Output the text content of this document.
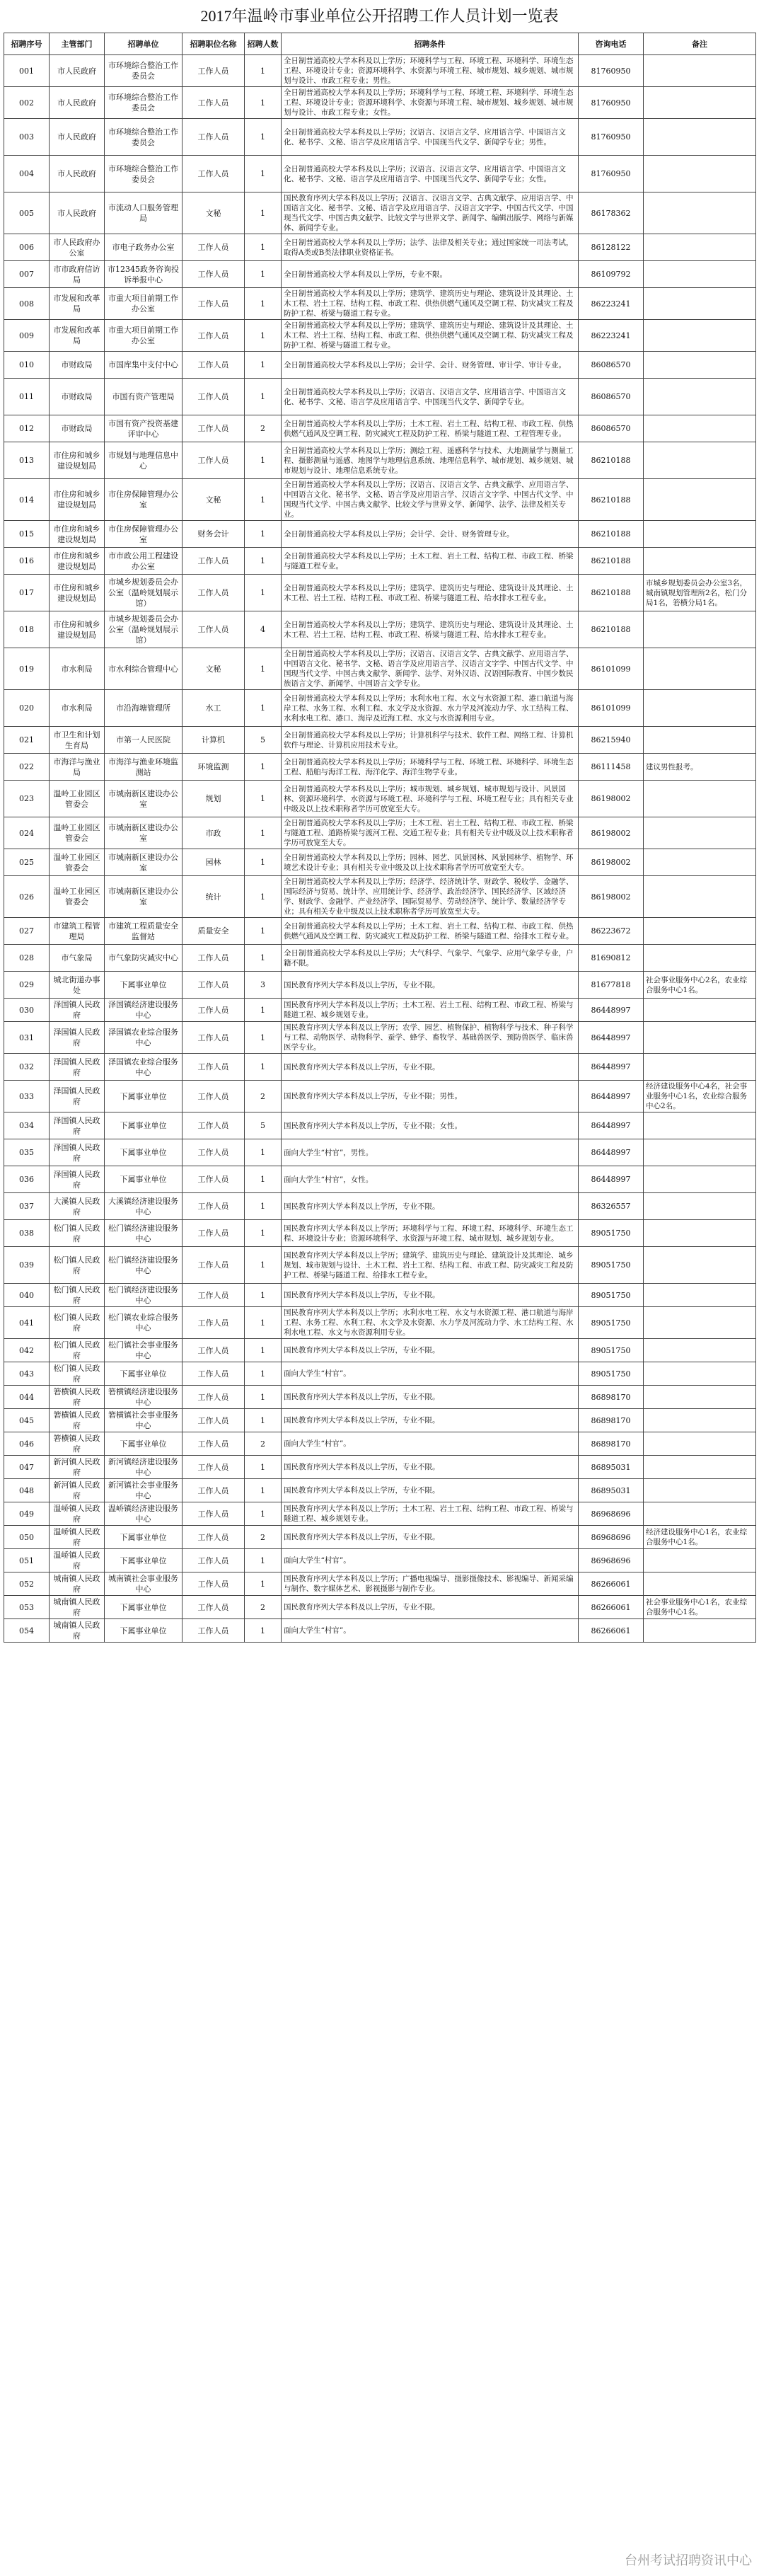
2017年温岭市事业单位公开招聘工作人员计划一览表
招聘序号	主管部门	招聘单位	招聘职位名称	招聘人数	招聘条件	咨询电话	备注
001	市人民政府	市环境综合整治工作委员会	工作人员	1	全日制普通高校大学本科及以上学历；环境科学与工程、环境工程、环境科学、环境生态工程、环境设计专业；资源环境科学、水资源与环境工程、城市规划、城乡规划、城市规划与设计、市政工程专业；男性。	81760950	
002	市人民政府	市环境综合整治工作委员会	工作人员	1	全日制普通高校大学本科及以上学历；环境科学与工程、环境工程、环境科学、环境生态工程、环境设计专业；资源环境科学、水资源与环境工程、城市规划、城乡规划、城市规划与设计、市政工程专业；女性。	81760950	
003	市人民政府	市环境综合整治工作委员会	工作人员	1	全日制普通高校大学本科及以上学历；汉语言、汉语言文学、应用语言学、中国语言文化、秘书学、文秘、语言学及应用语言学、中国现当代文学、新闻学专业；男性。	81760950	
004	市人民政府	市环境综合整治工作委员会	工作人员	1	全日制普通高校大学本科及以上学历；汉语言、汉语言文学、应用语言学、中国语言文化、秘书学、文秘、语言学及应用语言学、中国现当代文学、新闻学专业；女性。	81760950	
005	市人民政府	市流动人口服务管理局	文秘	1	国民教育序列大学本科及以上学历；汉语言、汉语言文学、古典文献学、应用语言学、中国语言文化、秘书学、文秘、语言学及应用语言学、汉语言文字学、中国古代文学、中国现当代文学、中国古典文献学、比较文学与世界文学、新闻学、编辑出版学、网络与新媒体、新闻学专业。	86178362	
006	市人民政府办公室	市电子政务办公室	工作人员	1	全日制普通高校大学本科及以上学历；法学、法律及相关专业；通过国家统一司法考试，取得A类或B类法律职业资格证书。	86128122	
007	市市政府信访局	市12345政务咨询投诉举报中心	工作人员	1	全日制普通高校大学本科及以上学历，专业不限。	86109792	
008	市发展和改革局	市重大项目前期工作办公室	工作人员	1	全日制普通高校大学本科及以上学历；建筑学、建筑历史与理论、建筑设计及其理论、土木工程、岩土工程、结构工程、市政工程、供热供燃气通风及空调工程、防灾减灾工程及防护工程、桥梁与隧道工程专业。	86223241	
009	市发展和改革局	市重大项目前期工作办公室	工作人员	1	全日制普通高校大学本科及以上学历；建筑学、建筑历史与理论、建筑设计及其理论、土木工程、岩土工程、结构工程、市政工程、供热供燃气通风及空调工程、防灾减灾工程及防护工程、桥梁与隧道工程专业。	86223241	
010	市财政局	市国库集中支付中心	工作人员	1	全日制普通高校大学本科及以上学历；会计学、会计、财务管理、审计学、审计专业。	86086570	
011	市财政局	市国有资产管理局	工作人员	1	全日制普通高校大学本科及以上学历；汉语言、汉语言文学、应用语言学、中国语言文化、秘书学、文秘、语言学及应用语言学、中国现当代文学、新闻学专业。	86086570	
012	市财政局	市国有资产投资基建评审中心	工作人员	2	全日制普通高校大学本科及以上学历；土木工程、岩土工程、结构工程、市政工程、供热供燃气通风及空调工程、防灾减灾工程及防护工程、桥梁与隧道工程、工程管理专业。	86086570	
013	市住房和城乡建设规划局	市规划与地理信息中心	工作人员	1	全日制普通高校大学本科及以上学历；测绘工程、遥感科学与技术、大地测量学与测量工程、摄影测量与遥感、地图学与地理信息系统、地理信息科学、城市规划、城乡规划、城市规划与设计、地理信息系统专业。	86210188	
014	市住房和城乡建设规划局	市住房保障管理办公室	文秘	1	全日制普通高校大学本科及以上学历；汉语言、汉语言文学、古典文献学、应用语言学、中国语言文化、秘书学、文秘、语言学及应用语言学、汉语言文字学、中国古代文学、中国现当代文学、中国古典文献学、比较文学与世界文学、新闻学、法学、法律及相关专业。	86210188	
015	市住房和城乡建设规划局	市住房保障管理办公室	财务会计	1	全日制普通高校大学本科及以上学历；会计学、会计、财务管理专业。	86210188	
016	市住房和城乡建设规划局	市市政公用工程建设办公室	工作人员	1	全日制普通高校大学本科及以上学历；土木工程、岩土工程、结构工程、市政工程、桥梁与隧道工程专业。	86210188	
017	市住房和城乡建设规划局	市城乡规划委员会办公室（温岭规划展示馆）	工作人员	1	全日制普通高校大学本科及以上学历；建筑学、建筑历史与理论、建筑设计及其理论、土木工程、岩土工程、结构工程、市政工程、桥梁与隧道工程、给水排水工程专业。	86210188	市城乡规划委员会办公室3名，城南镇规划管理所2名，松门分局1名，箬横分局1名。
018	市住房和城乡建设规划局	市城乡规划委员会办公室（温岭规划展示馆）	工作人员	4	全日制普通高校大学本科及以上学历；建筑学、建筑历史与理论、建筑设计及其理论、土木工程、岩土工程、结构工程、市政工程、桥梁与隧道工程、给水排水工程专业。	86210188	
019	市水利局	市水利综合管理中心	文秘	1	全日制普通高校大学本科及以上学历；汉语言、汉语言文学、古典文献学、应用语言学、中国语言文化、秘书学、文秘、语言学及应用语言学、汉语言文字学、中国古代文学、中国现当代文学、中国古典文献学、新闻学、法学、对外汉语、汉语国际教育、中国少数民族语言文学、新闻学、中国语言文学专业。	86101099	
020	市水利局	市沿海塘管理所	水工	1	全日制普通高校大学本科及以上学历；水利水电工程、水文与水资源工程、港口航道与海岸工程、水务工程、水利工程、水文学及水资源、水力学及河流动力学、水工结构工程、水利水电工程、港口、海岸及近海工程、水文与水资源利用专业。	86101099	
021	市卫生和计划生育局	市第一人民医院	计算机	5	全日制普通高校大学本科及以上学历；计算机科学与技术、软件工程、网络工程、计算机软件与理论、计算机应用技术专业。	86215940	
022	市海洋与渔业局	市海洋与渔业环境监测站	环境监测	1	全日制普通高校大学本科及以上学历；环境科学与工程、环境工程、环境科学、环境生态工程、船舶与海洋工程、海洋化学、海洋生物学专业。	86111458	建议男性报考。
023	温岭工业园区管委会	市城南新区建设办公室	规划	1	全日制普通高校大学本科及以上学历；城市规划、城乡规划、城市规划与设计、风景园林、资源环境科学、水资源与环境工程、环境科学与工程、环境工程专业；具有相关专业中级及以上技术职称者学历可放宽至大专。	86198002	
024	温岭工业园区管委会	市城南新区建设办公室	市政	1	全日制普通高校大学本科及以上学历；土木工程、岩土工程、结构工程、市政工程、桥梁与隧道工程、道路桥梁与渡河工程、交通工程专业；具有相关专业中级及以上技术职称者学历可放宽至大专。	86198002	
025	温岭工业园区管委会	市城南新区建设办公室	园林	1	全日制普通高校大学本科及以上学历；园林、园艺、风景园林、风景园林学、植物学、环境艺术设计专业；具有相关专业中级及以上技术职称者学历可放宽至大专。	86198002	
026	温岭工业园区管委会	市城南新区建设办公室	统计	1	全日制普通高校大学本科及以上学历；经济学、经济统计学、财政学、税收学、金融学、国际经济与贸易、统计学、应用统计学、经济学、政治经济学、国民经济学、区域经济学、财政学、金融学、产业经济学、国际贸易学、劳动经济学、统计学、数量经济学专业；具有相关专业中级及以上技术职称者学历可放宽至大专。	86198002	
027	市建筑工程管理局	市建筑工程质量安全监督站	质量安全	1	全日制普通高校大学本科及以上学历；土木工程、岩土工程、结构工程、市政工程、供热供燃气通风及空调工程、防灾减灾工程及防护工程、桥梁与隧道工程、给排水工程专业。	86223672	
028	市气象局	市气象防灾减灾中心	工作人员	1	全日制普通高校大学本科及以上学历；大气科学、气象学、气象学、应用气象学专业，户籍不限。	81690812	
029	城北街道办事处	下属事业单位	工作人员	3	国民教育序列大学本科及以上学历，专业不限。	81677818	社会事业服务中心2名，农业综合服务中心1名。
030	泽国镇人民政府	泽国镇经济建设服务中心	工作人员	1	国民教育序列大学本科及以上学历；土木工程、岩土工程、结构工程、市政工程、桥梁与隧道工程、城乡规划专业。	86448997	
031	泽国镇人民政府	泽国镇农业综合服务中心	工作人员	1	国民教育序列大学本科及以上学历；农学、园艺、植物保护、植物科学与技术、种子科学与工程、动物医学、动物科学、蚕学、蜂学、畜牧学、基础兽医学、预防兽医学、临床兽医学专业。	86448997	
032	泽国镇人民政府	泽国镇农业综合服务中心	工作人员	1	国民教育序列大学本科及以上学历，专业不限。	86448997	
033	泽国镇人民政府	下属事业单位	工作人员	2	国民教育序列大学本科及以上学历，专业不限；男性。	86448997	经济建设服务中心4名，社会事业服务中心1名，农业综合服务中心2名。
034	泽国镇人民政府	下属事业单位	工作人员	5	国民教育序列大学本科及以上学历，专业不限；女性。	86448997	
035	泽国镇人民政府	下属事业单位	工作人员	1	面向大学生“村官”，男性。	86448997	
036	泽国镇人民政府	下属事业单位	工作人员	1	面向大学生“村官”，女性。	86448997	
037	大溪镇人民政府	大溪镇经济建设服务中心	工作人员	1	国民教育序列大学本科及以上学历，专业不限。	86326557	
038	松门镇人民政府	松门镇经济建设服务中心	工作人员	1	国民教育序列大学本科及以上学历；环境科学与工程、环境工程、环境科学、环境生态工程、环境设计专业；资源环境科学、水资源与环境工程、城市规划、城乡规划专业。	89051750	
039	松门镇人民政府	松门镇经济建设服务中心	工作人员	1	国民教育序列大学本科及以上学历；建筑学、建筑历史与理论、建筑设计及其理论、城乡规划、城市规划与设计、土木工程、岩土工程、结构工程、市政工程、防灾减灾工程及防护工程、桥梁与隧道工程、给排水工程专业。	89051750	
040	松门镇人民政府	松门镇经济建设服务中心	工作人员	1	国民教育序列大学本科及以上学历，专业不限。	89051750	
041	松门镇人民政府	松门镇农业综合服务中心	工作人员	1	国民教育序列大学本科及以上学历；水利水电工程、水文与水资源工程、港口航道与海岸工程、水务工程、水利工程、水文学及水资源、水力学及河流动力学、水工结构工程、水利水电工程、水文与水资源利用专业。	89051750	
042	松门镇人民政府	松门镇社会事业服务中心	工作人员	1	国民教育序列大学本科及以上学历，专业不限。	89051750	
043	松门镇人民政府	下属事业单位	工作人员	1	面向大学生“村官”。	89051750	
044	箬横镇人民政府	箬横镇经济建设服务中心	工作人员	1	国民教育序列大学本科及以上学历，专业不限。	86898170	
045	箬横镇人民政府	箬横镇社会事业服务中心	工作人员	1	国民教育序列大学本科及以上学历，专业不限。	86898170	
046	箬横镇人民政府	下属事业单位	工作人员	2	面向大学生“村官”。	86898170	
047	新河镇人民政府	新河镇经济建设服务中心	工作人员	1	国民教育序列大学本科及以上学历，专业不限。	86895031	
048	新河镇人民政府	新河镇社会事业服务中心	工作人员	1	国民教育序列大学本科及以上学历，专业不限。	86895031	
049	温峤镇人民政府	温峤镇经济建设服务中心	工作人员	1	国民教育序列大学本科及以上学历；土木工程、岩土工程、结构工程、市政工程、桥梁与隧道工程、城乡规划专业。	86968696	
050	温峤镇人民政府	下属事业单位	工作人员	2	国民教育序列大学本科及以上学历，专业不限。	86968696	经济建设服务中心1名，农业综合服务中心1名。
051	温峤镇人民政府	下属事业单位	工作人员	1	面向大学生“村官”。	86968696	
052	城南镇人民政府	城南镇社会事业服务中心	工作人员	1	国民教育序列大学本科及以上学历；广播电视编导、摄影摄像技术、影视编导、新闻采编与制作、数字媒体艺术、影视摄影与制作专业。	86266061	
053	城南镇人民政府	下属事业单位	工作人员	2	国民教育序列大学本科及以上学历，专业不限。	86266061	社会事业服务中心1名，农业综合服务中心1名。
054	城南镇人民政府	下属事业单位	工作人员	1	面向大学生“村官”。	86266061	
台州考试招聘资讯中心
